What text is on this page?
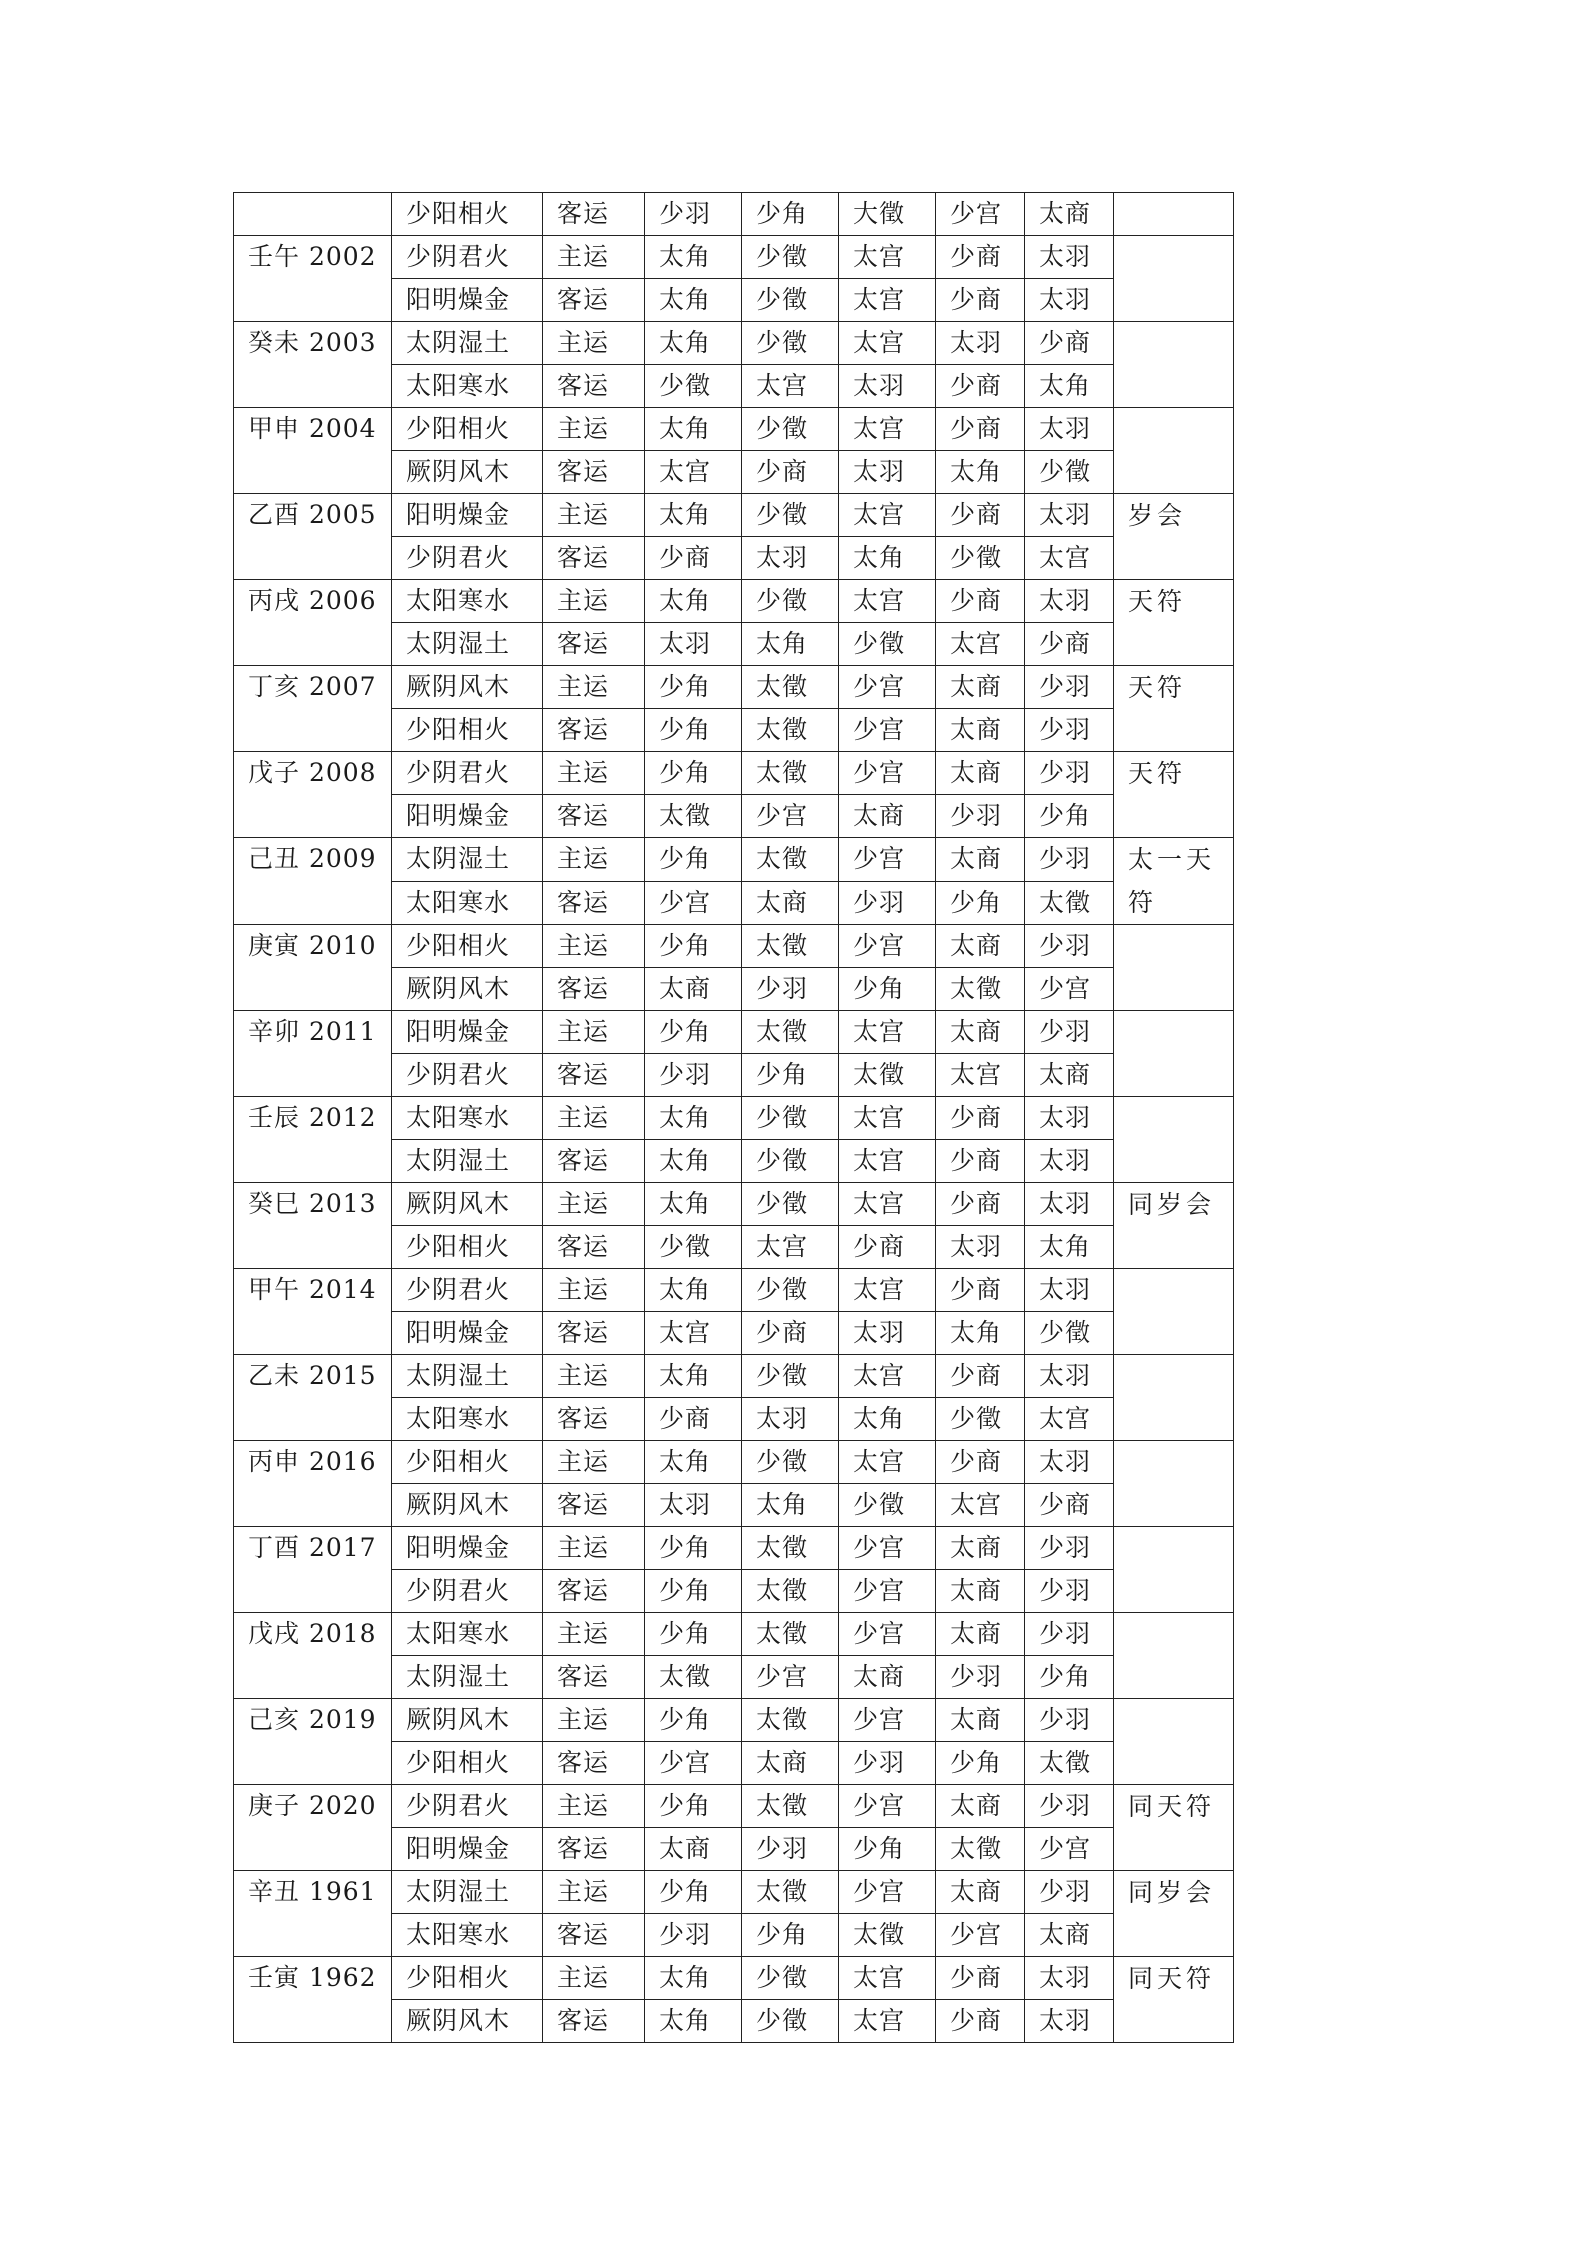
	少阳相火	客运	少羽	少角	大徵	少宫	太商	
壬午 2002	少阴君火	主运	太角	少徵	太宫	少商	太羽	
	阳明燥金	客运	太角	少徵	太宫	少商	太羽	
癸未 2003	太阴湿土	主运	太角	少徵	太宫	太羽	少商	
	太阳寒水	客运	少徵	太宫	太羽	少商	太角	
甲申 2004	少阳相火	主运	太角	少徵	太宫	少商	太羽	
	厥阴风木	客运	太宫	少商	太羽	太角	少徵	
乙酉 2005	阳明燥金	主运	太角	少徵	太宫	少商	太羽	岁会
	少阴君火	客运	少商	太羽	太角	少徵	太宫	
丙戌 2006	太阳寒水	主运	太角	少徵	太宫	少商	太羽	天符
	太阴湿土	客运	太羽	太角	少徵	太宫	少商	
丁亥 2007	厥阴风木	主运	少角	太徵	少宫	太商	少羽	天符
	少阳相火	客运	少角	太徵	少宫	太商	少羽	
戊子 2008	少阴君火	主运	少角	太徵	少宫	太商	少羽	天符
	阳明燥金	客运	太徵	少宫	太商	少羽	少角	
己丑 2009	太阴湿土	主运	少角	太徵	少宫	太商	少羽	太一天符
	太阳寒水	客运	少宫	太商	少羽	少角	太徵	
庚寅 2010	少阳相火	主运	少角	太徵	少宫	太商	少羽	
	厥阴风木	客运	太商	少羽	少角	太徵	少宫	
辛卯 2011	阳明燥金	主运	少角	太徵	太宫	太商	少羽	
	少阴君火	客运	少羽	少角	太徵	太宫	太商	
壬辰 2012	太阳寒水	主运	太角	少徵	太宫	少商	太羽	
	太阴湿土	客运	太角	少徵	太宫	少商	太羽	
癸巳 2013	厥阴风木	主运	太角	少徵	太宫	少商	太羽	同岁会
	少阳相火	客运	少徵	太宫	少商	太羽	太角	
甲午 2014	少阴君火	主运	太角	少徵	太宫	少商	太羽	
	阳明燥金	客运	太宫	少商	太羽	太角	少徵	
乙未 2015	太阴湿土	主运	太角	少徵	太宫	少商	太羽	
	太阳寒水	客运	少商	太羽	太角	少徵	太宫	
丙申 2016	少阳相火	主运	太角	少徵	太宫	少商	太羽	
	厥阴风木	客运	太羽	太角	少徵	太宫	少商	
丁酉 2017	阳明燥金	主运	少角	太徵	少宫	太商	少羽	
	少阴君火	客运	少角	太徵	少宫	太商	少羽	
戊戌 2018	太阳寒水	主运	少角	太徵	少宫	太商	少羽	
	太阴湿土	客运	太徵	少宫	太商	少羽	少角	
己亥 2019	厥阴风木	主运	少角	太徵	少宫	太商	少羽	
	少阳相火	客运	少宫	太商	少羽	少角	太徵	
庚子 2020	少阴君火	主运	少角	太徵	少宫	太商	少羽	同天符
	阳明燥金	客运	太商	少羽	少角	太徵	少宫	
辛丑 1961	太阴湿土	主运	少角	太徵	少宫	太商	少羽	同岁会
	太阳寒水	客运	少羽	少角	太徵	少宫	太商	
壬寅 1962	少阳相火	主运	太角	少徵	太宫	少商	太羽	同天符
	厥阴风木	客运	太角	少徵	太宫	少商	太羽	
